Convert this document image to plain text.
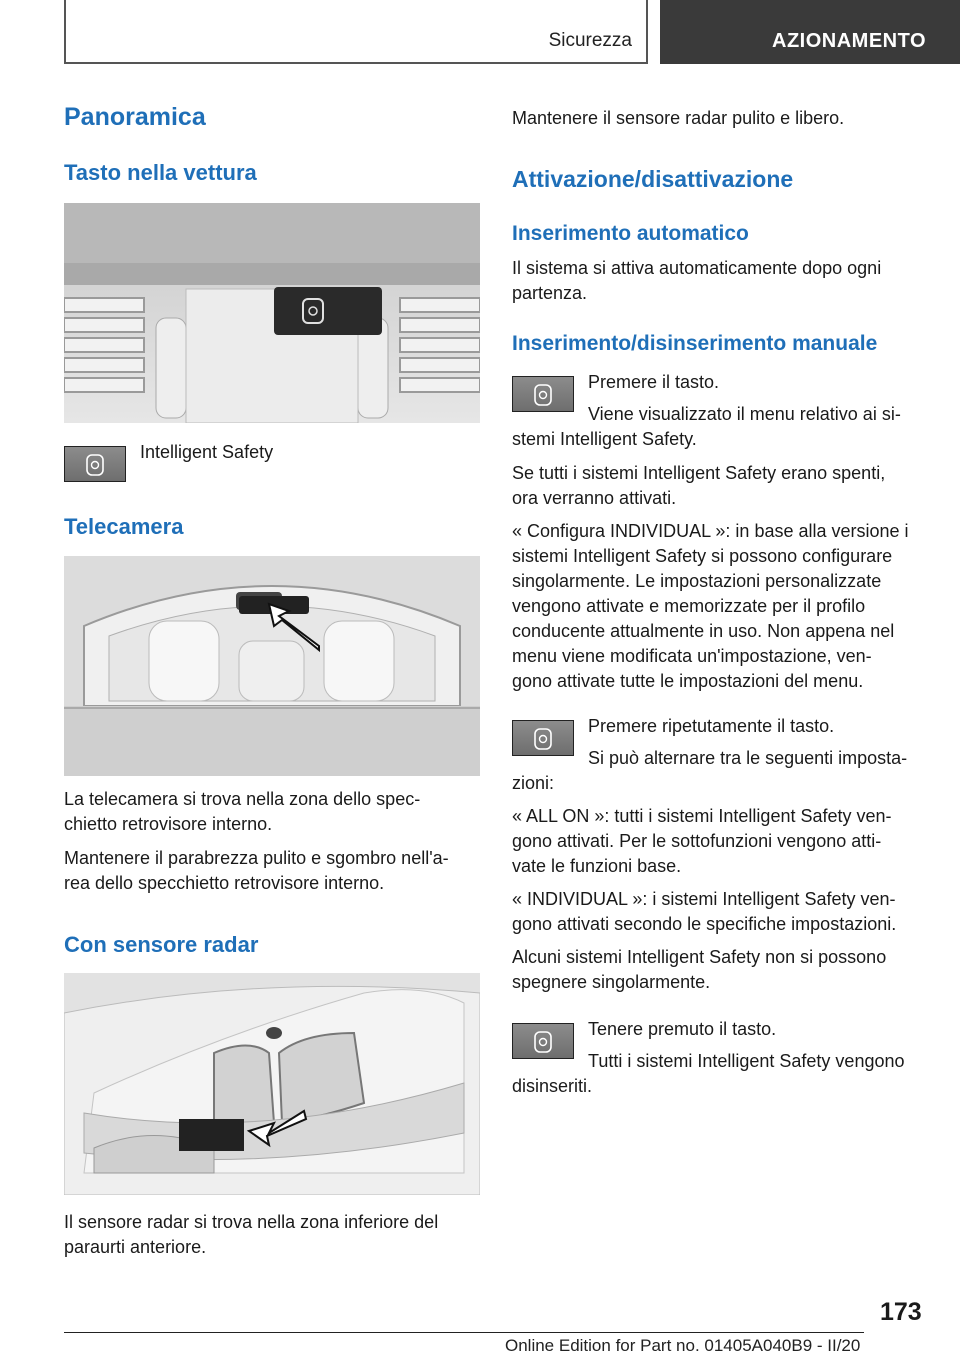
Sicurezza	AZIONAMENTO
Panoramica
Tasto nella vettura

Intelligent Safety

Telecamera

La telecamera si trova nella zona dello spec-

chietto retrovisore interno.

Mantenere il parabrezza pulito e sgombro nell'a-

rea dello specchietto retrovisore interno.

Con sensore radar

Il sensore radar si trova nella zona inferiore del

paraurti anteriore.

Mantenere il sensore radar pulito e libero.

Attivazione/disattivazione
Inserimento automatico

Il sistema si attiva automaticamente dopo ogni

partenza.

Inserimento/disinserimento manuale

Premere il tasto.

Viene visualizzato il menu relativo ai si-

stemi Intelligent Safety.

Se tutti i sistemi Intelligent Safety erano spenti,

ora verranno attivati.

« Configura INDIVIDUAL »: in base alla versione i

sistemi Intelligent Safety si possono configurare

singolarmente. Le impostazioni personalizzate

vengono attivate e memorizzate per il profilo

conducente attualmente in uso. Non appena nel

menu viene modificata un'impostazione, ven-

gono attivate tutte le impostazioni del menu.

Premere ripetutamente il tasto.

Si può alternare tra le seguenti imposta-

zioni:

« ALL ON »: tutti i sistemi Intelligent Safety ven-

gono attivati. Per le sottofunzioni vengono atti-

vate le funzioni base.

« INDIVIDUAL »: i sistemi Intelligent Safety ven-

gono attivati secondo le specifiche impostazioni.

Alcuni sistemi Intelligent Safety non si possono

spegnere singolarmente.

Tenere premuto il tasto.

Tutti i sistemi Intelligent Safety vengono

disinseriti.

173
Online Edition for Part no. 01405A040B9 - II/20
